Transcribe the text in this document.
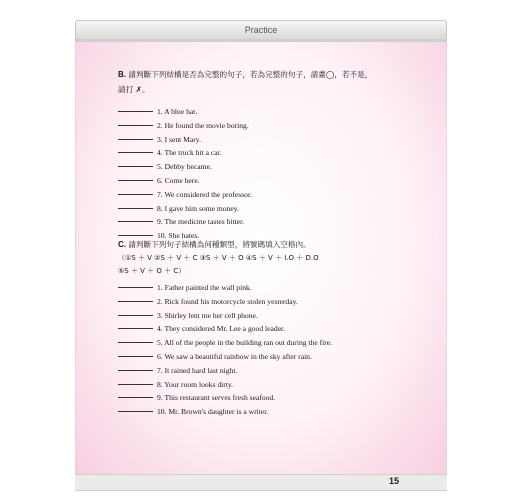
Practice
15
B. 請判斷下列結構是否為完整的句子，若為完整的句子，請畫◯，若不是，
請打 ✗。
1. A blue hat.
2. He found the movie boring.
3. I sent Mary.
4. The truck hit a car.
5. Debby became.
6. Come here.
7. We considered the professor.
8. I gave him some money.
9. The medicine tastes bitter.
10. She hates.
C. 請判斷下列句子結構為何種類型，將號碼填入空格內。
（①S ＋ V ②S ＋ V ＋ C ③S ＋ V ＋ O ④S ＋ V ＋ I.O ＋ D.O
⑤S ＋ V ＋ O ＋ C）
1. Father painted the wall pink.
2. Rick found his motorcycle stolen yesterday.
3. Shirley lent me her cell phone.
4. They considered Mr. Lee a good leader.
5. All of the people in the building ran out during the fire.
6. We saw a beautiful rainbow in the sky after rain.
7. It rained hard last night.
8. Your room looks dirty.
9. This restaurant serves fresh seafood.
10. Mr. Brown's daughter is a writer.
